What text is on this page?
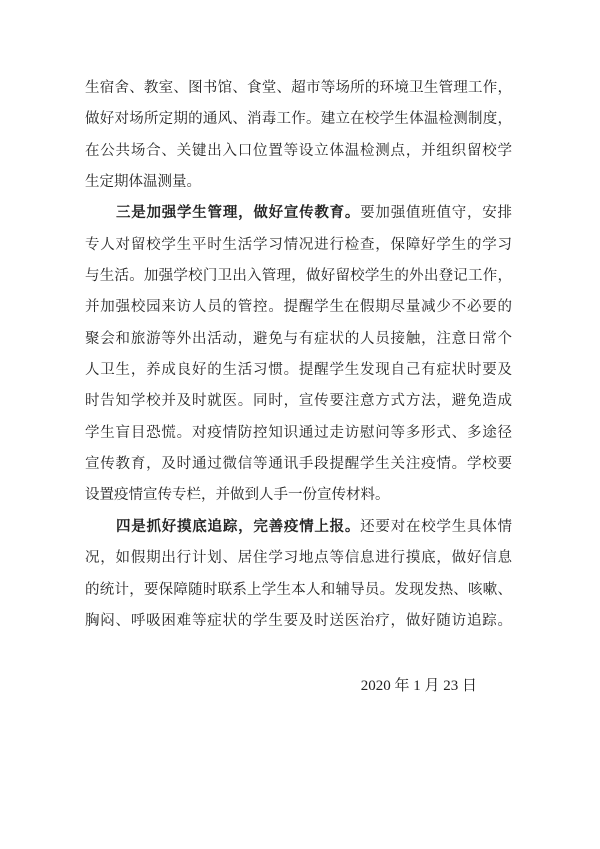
生宿舍、教室、图书馆、食堂、超市等场所的环境卫生管理工作，
做好对场所定期的通风、消毒工作。建立在校学生体温检测制度，
在公共场合、关键出入口位置等设立体温检测点，并组织留校学
生定期体温测量。
三是加强学生管理，做好宣传教育。要加强值班值守，安排
专人对留校学生平时生活学习情况进行检查，保障好学生的学习
与生活。加强学校门卫出入管理，做好留校学生的外出登记工作，
并加强校园来访人员的管控。提醒学生在假期尽量减少不必要的
聚会和旅游等外出活动，避免与有症状的人员接触，注意日常个
人卫生，养成良好的生活习惯。提醒学生发现自己有症状时要及
时告知学校并及时就医。同时，宣传要注意方式方法，避免造成
学生盲目恐慌。对疫情防控知识通过走访慰问等多形式、多途径
宣传教育，及时通过微信等通讯手段提醒学生关注疫情。学校要
设置疫情宣传专栏，并做到人手一份宣传材料。
四是抓好摸底追踪，完善疫情上报。还要对在校学生具体情
况，如假期出行计划、居住学习地点等信息进行摸底，做好信息
的统计，要保障随时联系上学生本人和辅导员。发现发热、咳嗽、
胸闷、呼吸困难等症状的学生要及时送医治疗，做好随访追踪。
2020 年 1 月 23 日
